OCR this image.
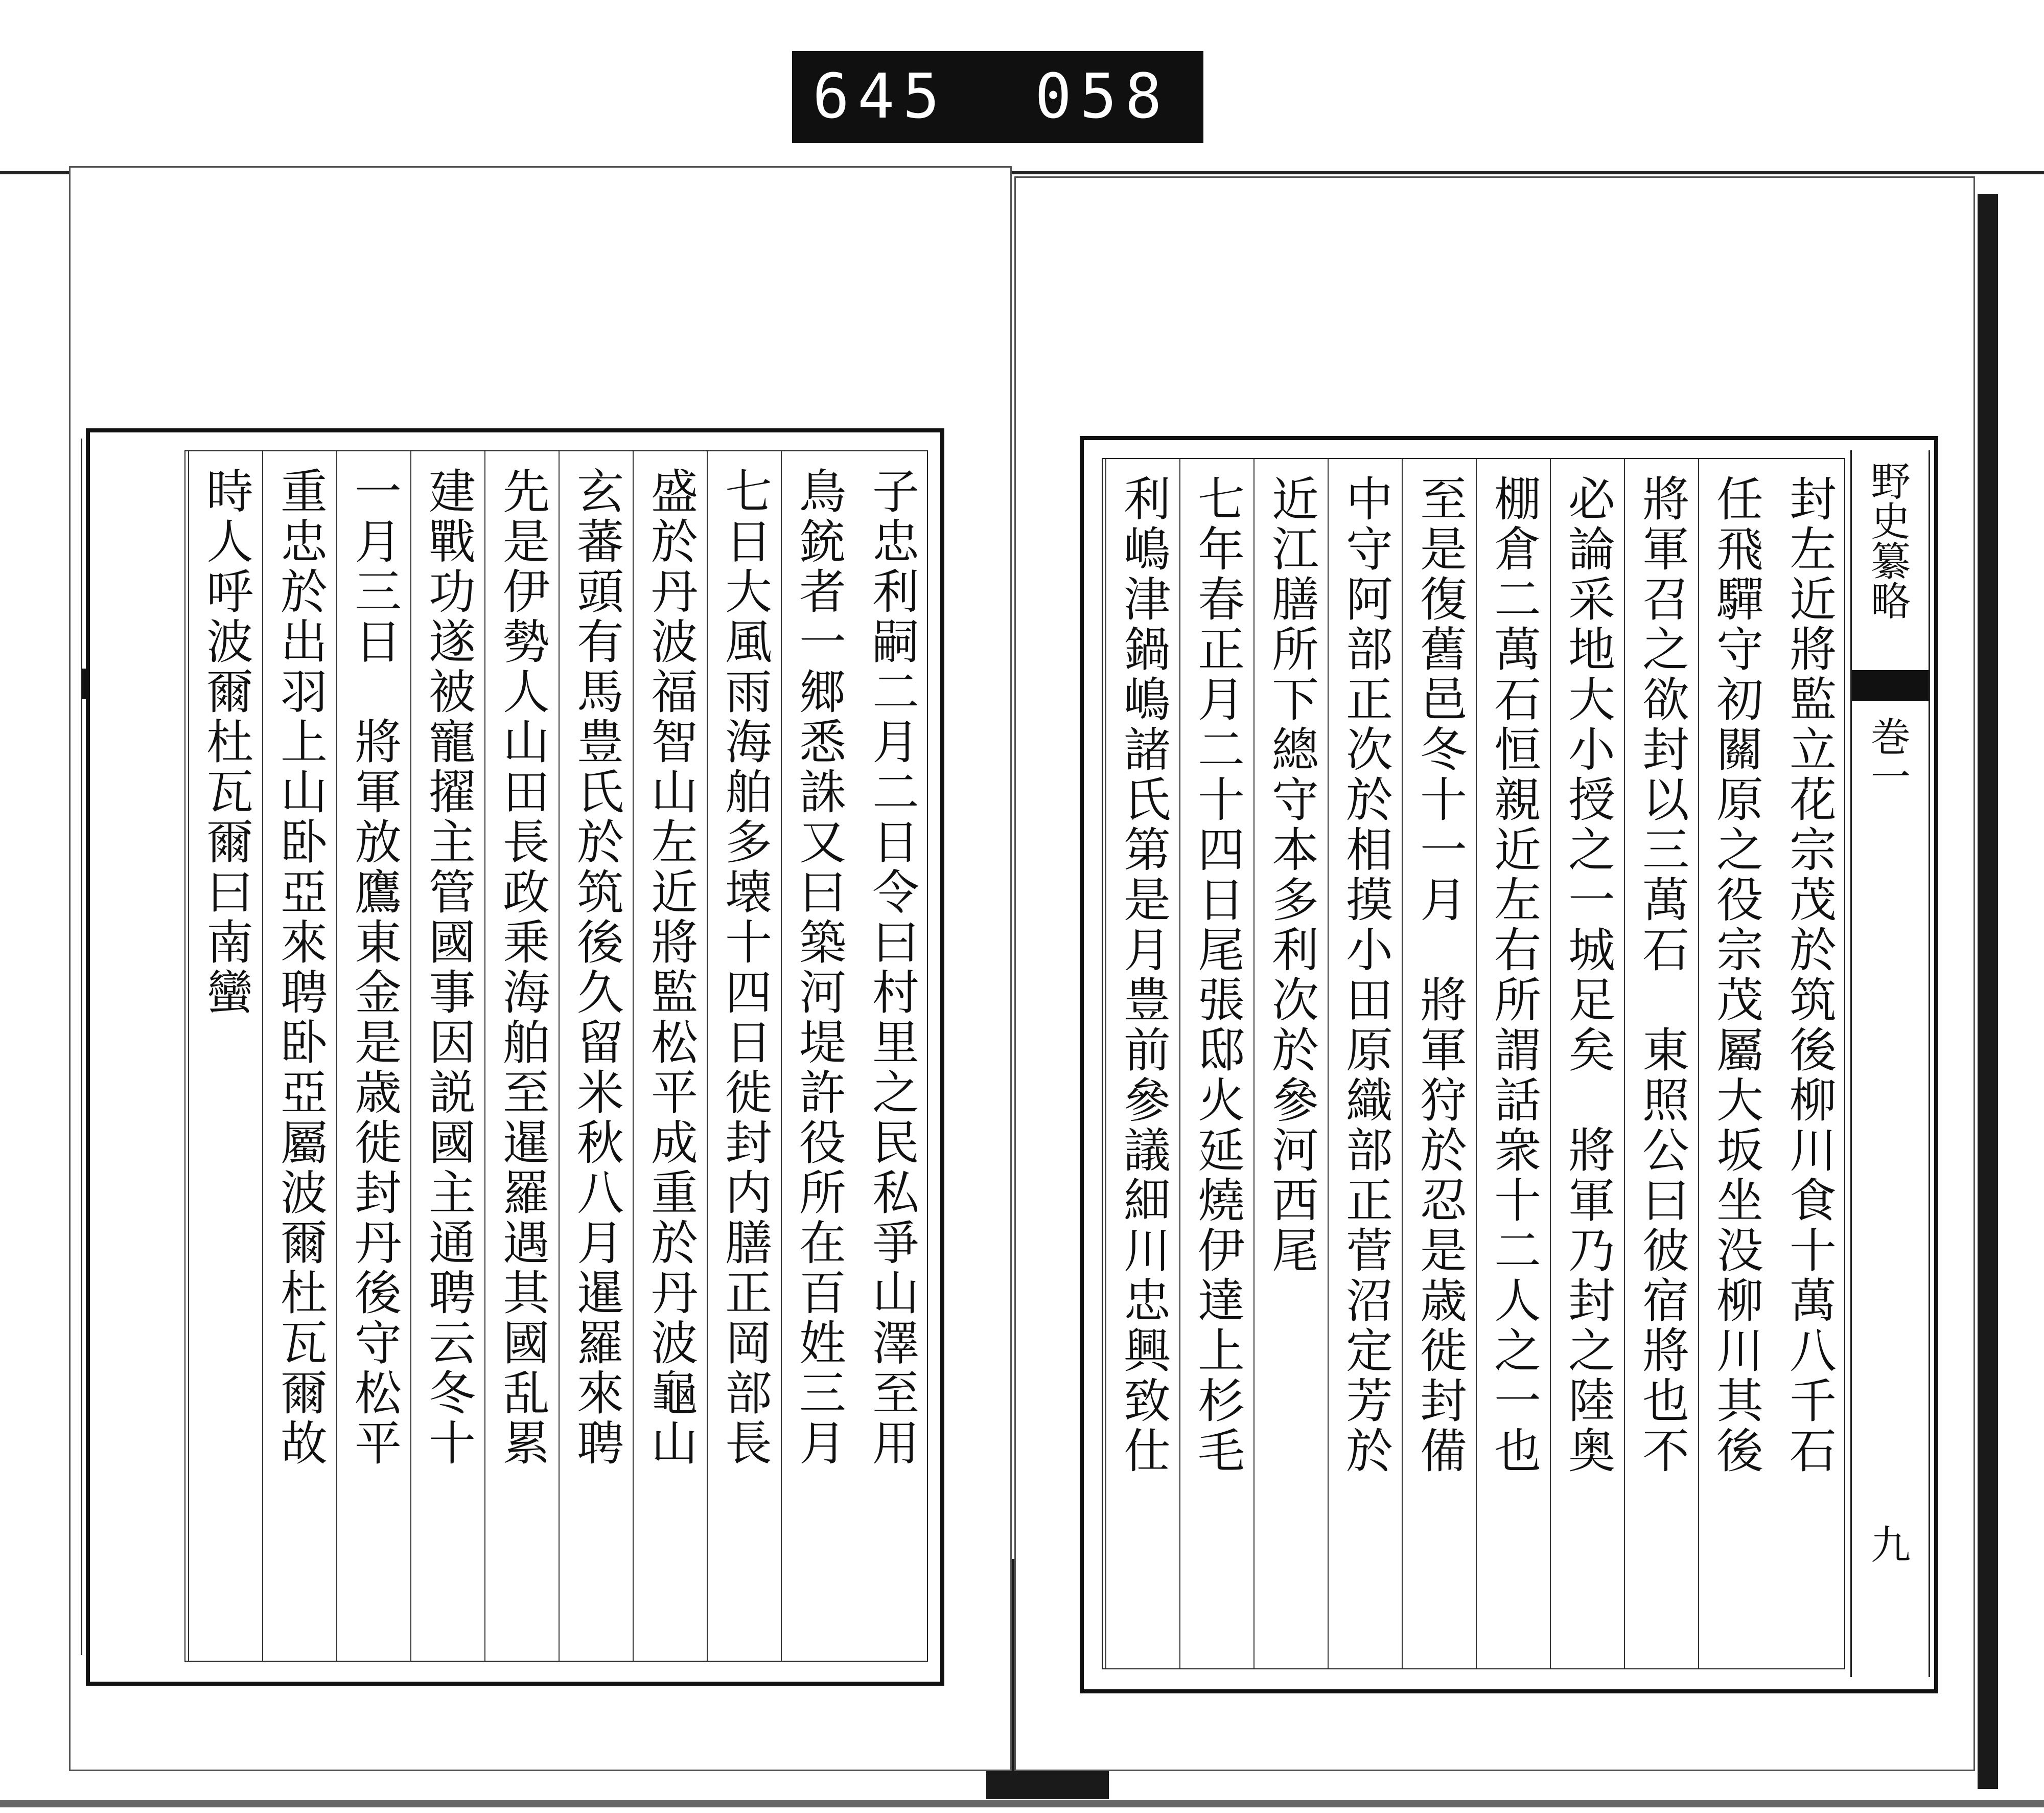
645 058
子忠利嗣二月二日令曰村里之民私爭山澤至用
鳥銃者一郷悉誅又曰築河堤許役所在百姓三月
七日大風雨海舶多壊十四日徙封内膳正岡部長
盛於丹波福智山左近將監松平成重於丹波龜山
玄蕃頭有馬豊氏於筑後久留米秋八月暹羅來聘
先是伊勢人山田長政乗海舶至暹羅遇其國乱累
建戰功遂被寵擢主管國事因説國主通聘云冬十
一月三日　將軍放鷹東金是歳徙封丹後守松平
重忠於出羽上山卧亞來聘卧亞屬波爾杜瓦爾故
時人呼波爾杜瓦爾曰南蠻	封左近將監立花宗茂於筑後柳川食十萬八千石
任飛驒守初關原之役宗茂屬大坂坐没柳川其後
將軍召之欲封以三萬石　東照公曰彼宿將也不
必論采地大小授之一城足矣　將軍乃封之陸奥
棚倉二萬石恒親近左右所謂話衆十二人之一也
至是復舊邑冬十一月　將軍狩於忍是歳徙封備
中守阿部正次於相摸小田原織部正菅沼定芳於
近江膳所下總守本多利次於參河西尾
七年春正月二十四日尾張邸火延燒伊達上杉毛
利嶋津鍋嶋諸氏第是月豊前參議細川忠興致仕	野史纂略
巻一
九
